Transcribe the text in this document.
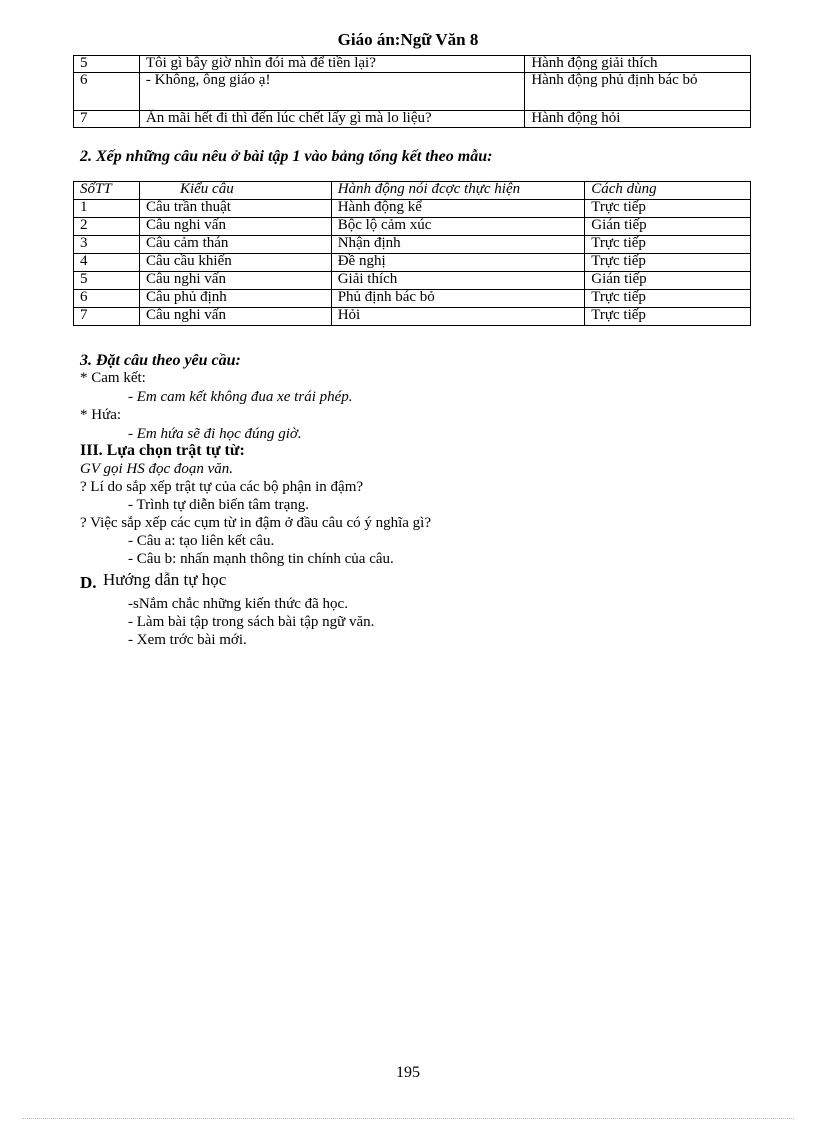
Giáo án:Ngữ Văn 8
5	Tôi gì bây giờ nhìn đói mà để tiền lại?	Hành động giải thích
6	- Không, ông giáo ạ!	Hành động phủ định bác bỏ
7	Ăn mãi hết đi thì đến lúc chết lấy gì mà lo liệu?	Hành động hỏi
2. Xếp những câu nêu ở bài tập 1 vào bảng tổng kết theo mẫu:
SốTT	Kiểu câu	Hành động nói đcợc thực hiện	Cách dùng
1	Câu trần thuật	Hành động kể	Trực tiếp
2	Câu nghi vấn	Bộc lộ cảm xúc	Gián tiếp
3	Câu cảm thán	Nhận định	Trực tiếp
4	Câu cầu khiến	Đề nghị	Trực tiếp
5	Câu nghi vấn	Giải thích	Gián tiếp
6	Câu phủ định	Phủ định bác bỏ	Trực tiếp
7	Câu nghi vấn	Hỏi	Trực tiếp
3. Đặt câu theo yêu cầu:
* Cam kết:
- Em cam kết không đua xe trái phép.
* Hứa:
- Em hứa sẽ đi học đúng giờ.
III. Lựa chọn trật tự từ:
GV gọi HS đọc đoạn văn.
? Lí do sắp xếp trật tự của các bộ phận in đậm?
- Trình tự diễn biến tâm trạng.
? Việc sắp xếp các cụm từ in đậm ở đầu câu có ý nghĩa gì?
- Câu a: tạo liên kết câu.
- Câu b: nhấn mạnh thông tin chính của câu.
D. Hướng dẫn tự học
-sNắm chắc những kiến thức đã học.
- Làm bài tập trong sách bài tập ngữ văn.
- Xem trớc bài mới.
195
